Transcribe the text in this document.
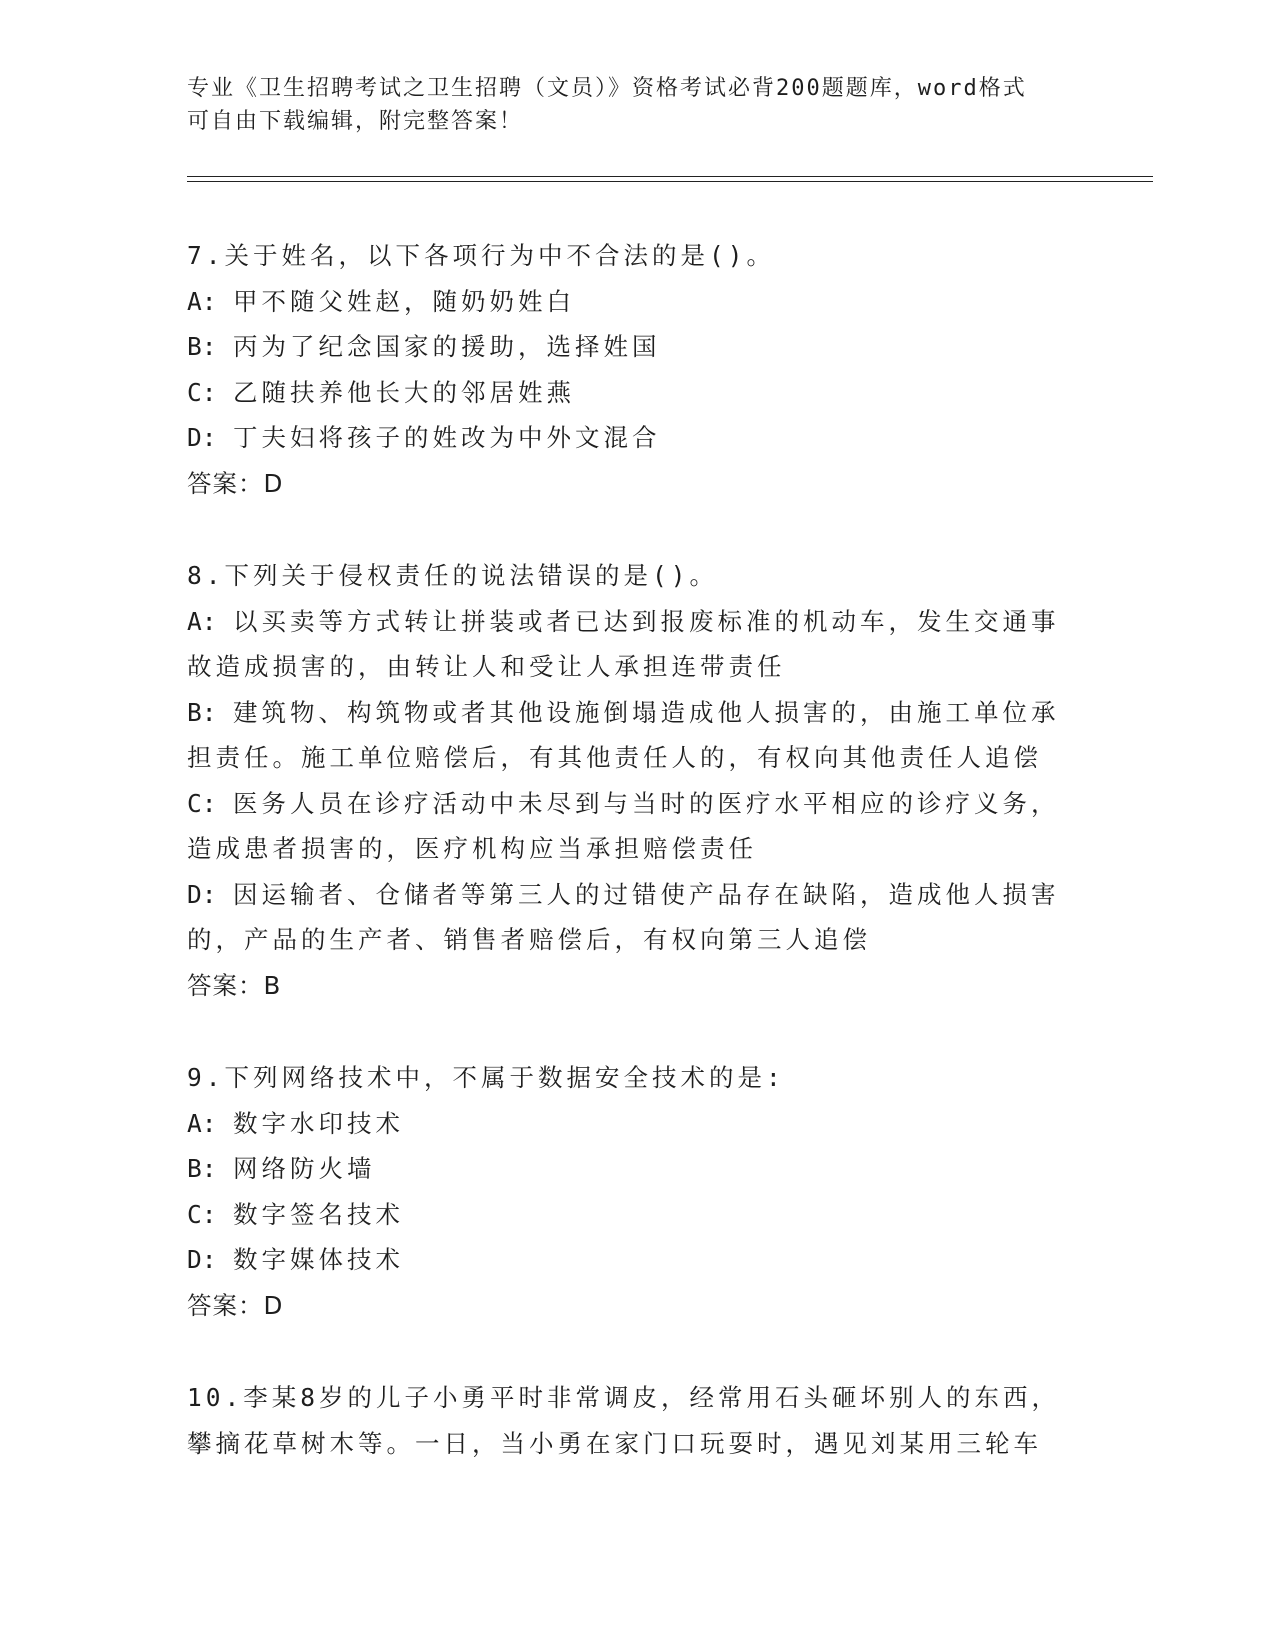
专业《卫生招聘考试之卫生招聘（文员）》资格考试必背200题题库，word格式
可自由下载编辑，附完整答案！
7.关于姓名，以下各项行为中不合法的是()。
A: 甲不随父姓赵，随奶奶姓白
B: 丙为了纪念国家的援助，选择姓国
C: 乙随扶养他长大的邻居姓燕
D: 丁夫妇将孩子的姓改为中外文混合
答案：D
8.下列关于侵权责任的说法错误的是()。
A: 以买卖等方式转让拼装或者已达到报废标准的机动车，发生交通事
故造成损害的，由转让人和受让人承担连带责任
B: 建筑物、构筑物或者其他设施倒塌造成他人损害的，由施工单位承
担责任。施工单位赔偿后，有其他责任人的，有权向其他责任人追偿
C: 医务人员在诊疗活动中未尽到与当时的医疗水平相应的诊疗义务，
造成患者损害的，医疗机构应当承担赔偿责任
D: 因运输者、仓储者等第三人的过错使产品存在缺陷，造成他人损害
的，产品的生产者、销售者赔偿后，有权向第三人追偿
答案：B
9.下列网络技术中，不属于数据安全技术的是:
A: 数字水印技术
B: 网络防火墙
C: 数字签名技术
D: 数字媒体技术
答案：D
10.李某8岁的儿子小勇平时非常调皮，经常用石头砸坏别人的东西，
攀摘花草树木等。一日，当小勇在家门口玩耍时，遇见刘某用三轮车
